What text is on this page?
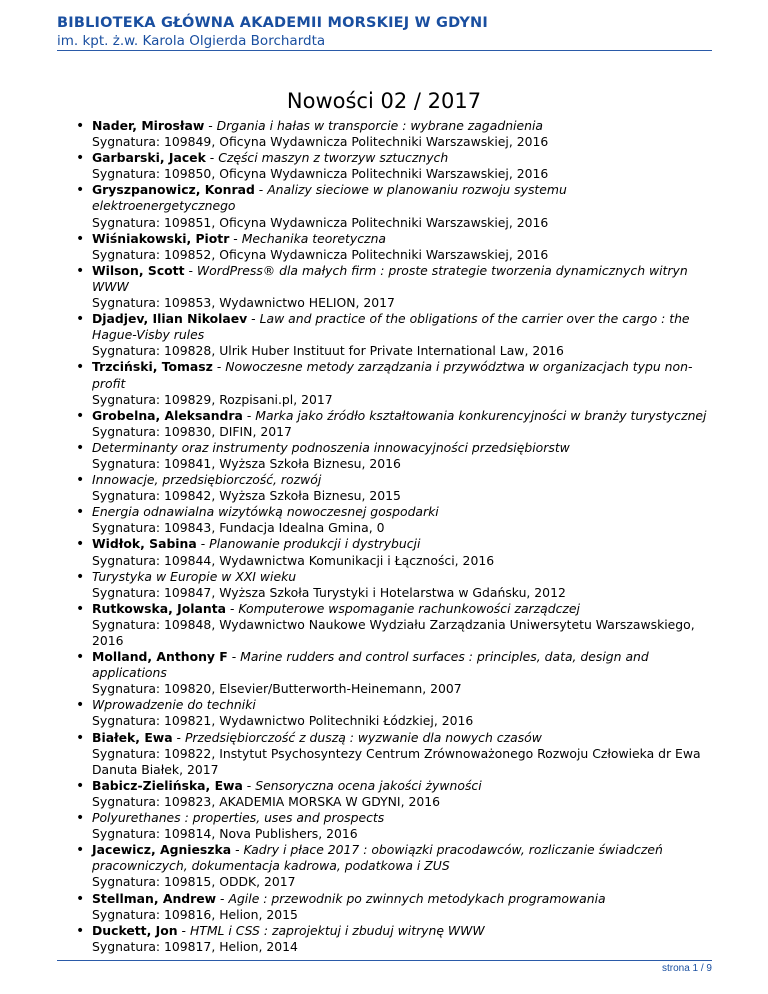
BIBLIOTEKA GŁÓWNA AKADEMII MORSKIEJ W GDYNI
im. kpt. ż.w. Karola Olgierda Borchardta
Nowości 02 / 2017
• Nader, Mirosław - Drgania i hałas w transporcie : wybrane zagadnienia
Sygnatura: 109849, Oficyna Wydawnicza Politechniki Warszawskiej, 2016
• Garbarski, Jacek - Części maszyn z tworzyw sztucznych
Sygnatura: 109850, Oficyna Wydawnicza Politechniki Warszawskiej, 2016
• Gryszpanowicz, Konrad - Analizy sieciowe w planowaniu rozwoju systemu elektroenergetycznego
Sygnatura: 109851, Oficyna Wydawnicza Politechniki Warszawskiej, 2016
• Wiśniakowski, Piotr - Mechanika teoretyczna
Sygnatura: 109852, Oficyna Wydawnicza Politechniki Warszawskiej, 2016
• Wilson, Scott - WordPress® dla małych firm : proste strategie tworzenia dynamicznych witryn WWW
Sygnatura: 109853, Wydawnictwo HELION, 2017
• Djadjev, Ilian Nikolaev - Law and practice of the obligations of the carrier over the cargo : the Hague-Visby rules
Sygnatura: 109828, Ulrik Huber Instituut for Private International Law, 2016
• Trzciński, Tomasz - Nowoczesne metody zarządzania i przywództwa w organizacjach typu non-profit
Sygnatura: 109829, Rozpisani.pl, 2017
• Grobelna, Aleksandra - Marka jako źródło kształtowania konkurencyjności w branży turystycznej
Sygnatura: 109830, DIFIN, 2017
• Determinanty oraz instrumenty podnoszenia innowacyjności przedsiębiorstw
Sygnatura: 109841, Wyższa Szkoła Biznesu, 2016
• Innowacje, przedsiębiorczość, rozwój
Sygnatura: 109842, Wyższa Szkoła Biznesu, 2015
• Energia odnawialna wizytówką nowoczesnej gospodarki
Sygnatura: 109843, Fundacja Idealna Gmina, 0
• Widłok, Sabina - Planowanie produkcji i dystrybucji
Sygnatura: 109844, Wydawnictwa Komunikacji i Łączności, 2016
• Turystyka w Europie w XXI wieku
Sygnatura: 109847, Wyższa Szkoła Turystyki i Hotelarstwa w Gdańsku, 2012
• Rutkowska, Jolanta - Komputerowe wspomaganie rachunkowości zarządczej
Sygnatura: 109848, Wydawnictwo Naukowe Wydziału Zarządzania Uniwersytetu Warszawskiego, 2016
• Molland, Anthony F - Marine rudders and control surfaces : principles, data, design and applications
Sygnatura: 109820, Elsevier/Butterworth-Heinemann, 2007
• Wprowadzenie do techniki
Sygnatura: 109821, Wydawnictwo Politechniki Łódzkiej, 2016
• Białek, Ewa - Przedsiębiorczość z duszą : wyzwanie dla nowych czasów
Sygnatura: 109822, Instytut Psychosyntezy Centrum Zrównoważonego Rozwoju Człowieka dr Ewa Danuta Białek, 2017
• Babicz-Zielińska, Ewa - Sensoryczna ocena jakości żywności
Sygnatura: 109823, AKADEMIA MORSKA W GDYNI, 2016
• Polyurethanes : properties, uses and prospects
Sygnatura: 109814, Nova Publishers, 2016
• Jacewicz, Agnieszka - Kadry i płace 2017 : obowiązki pracodawców, rozliczanie świadczeń pracowniczych, dokumentacja kadrowa, podatkowa i ZUS
Sygnatura: 109815, ODDK, 2017
• Stellman, Andrew - Agile : przewodnik po zwinnych metodykach programowania
Sygnatura: 109816, Helion, 2015
• Duckett, Jon - HTML i CSS : zaprojektuj i zbuduj witrynę WWW
Sygnatura: 109817, Helion, 2014
strona 1 / 9
